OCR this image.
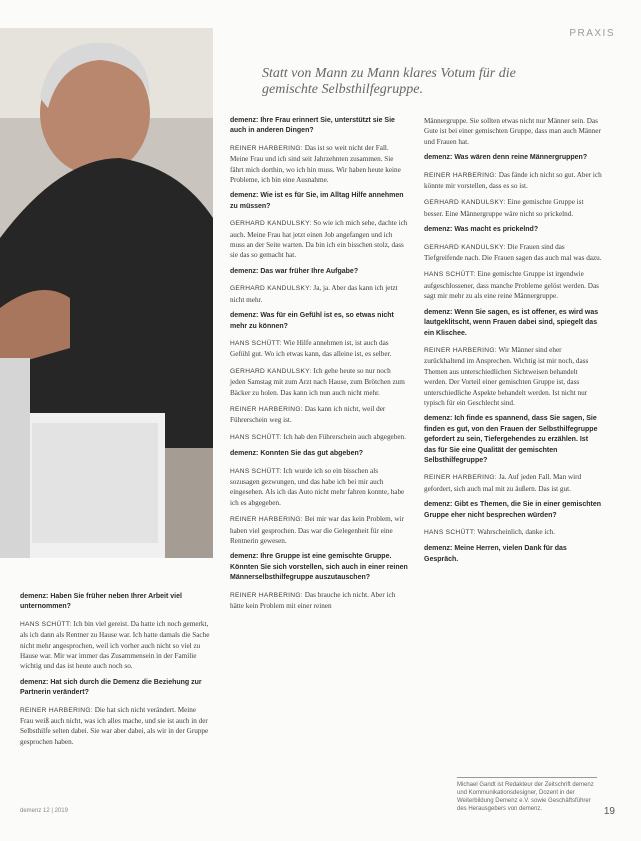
PRAXIS
Statt von Mann zu Mann klares Votum für die gemischte Selbsthilfegruppe.

demenz: Ihre Frau erinnert Sie, unterstützt sie Sie auch in anderen Dingen?

REINER HARBERING: Das ist so weit nicht der Fall. Meine Frau und ich sind seit Jahrzehnten zusammen. Sie fährt mich dorthin, wo ich hin muss. Wir haben heute keine Probleme, ich bin eine Ausnahme.

demenz: Wie ist es für Sie, im Alltag Hilfe annehmen zu müssen?

GERHARD KANDULSKY: So wie ich mich sehe, dachte ich auch. Meine Frau hat jetzt einen Job angefangen und ich muss an der Seite warten. Da bin ich ein bisschen stolz, dass sie das so gemacht hat.

demenz: Das war früher Ihre Aufgabe?

GERHARD KANDULSKY: Ja, ja. Aber das kann ich jetzt nicht mehr.

demenz: Was für ein Gefühl ist es, so etwas nicht mehr zu können?

HANS SCHÜTT: Wie Hilfe annehmen ist, ist auch das Gefühl gut. Wo ich etwas kann, das alleine ist, es selber.

GERHARD KANDULSKY: Ich gehe heute so nur noch jeden Samstag mit zum Arzt nach Hause, zum Brötchen zum Bäcker zu holen. Das kann ich nun auch nicht mehr.

REINER HARBERING: Das kann ich nicht, weil der Führerschein weg ist.

HANS SCHÜTT: Ich hab den Führerschein auch abgegeben.

demenz: Konnten Sie das gut abgeben?

HANS SCHÜTT: Ich wurde ich so ein bisschen als sozusagen gezwungen, und das habe ich bei mir auch eingesehen. Als ich das Auto nicht mehr fahren konnte, habe ich es abgegeben.

REINER HARBERING: Bei mir war das kein Problem, wir haben viel gesprochen. Das war die Gelegenheit für eine Rentnerin gewesen.

demenz: Ihre Gruppe ist eine gemischte Gruppe. Könnten Sie sich vorstellen, sich auch in einer reinen Männerselbsthilfegruppe auszutauschen?

REINER HARBERING: Das brauche ich nicht. Aber ich hätte kein Problem mit einer reinen

Männergruppe. Sie sollten etwas nicht nur Männer sein. Das Gute ist bei einer gemischten Gruppe, dass man auch Männer und Frauen hat.

demenz: Was wären denn reine Männergruppen?

REINER HARBERING: Das fände ich nicht so gut. Aber ich könnte mir vorstellen, dass es so ist.

GERHARD KANDULSKY: Eine gemischte Gruppe ist besser. Eine Männergruppe wäre nicht so prickelnd.

demenz: Was macht es prickelnd?

GERHARD KANDULSKY: Die Frauen sind das Tiefgreifende nach. Die Frauen sagen das auch mal was dazu.

HANS SCHÜTT: Eine gemischte Gruppe ist irgendwie aufgeschlossener, dass manche Probleme gelöst werden. Das sagt mir mehr zu als eine reine Männergruppe.

demenz: Wenn Sie sagen, es ist offener, es wird was lautgeklitscht, wenn Frauen dabei sind, spiegelt das ein Klischee.

REINER HARBERING: Wir Männer sind eher zurückhaltend im Ansprechen. Wichtig ist mir noch, dass Themen aus unterschiedlichen Sichtweisen behandelt werden. Der Vorteil einer gemischten Gruppe ist, dass unterschiedliche Aspekte behandelt werden. Ist nicht nur typisch für ein Geschlecht sind.

demenz: Ich finde es spannend, dass Sie sagen, Sie finden es gut, von den Frauen der Selbsthilfegruppe gefordert zu sein, Tiefergehendes zu erzählen. Ist das für Sie eine Qualität der gemischten Selbsthilfegruppe?

REINER HARBERING: Ja. Auf jeden Fall. Man wird gefordert, sich auch mal mit zu äußern. Das ist gut.

demenz: Gibt es Themen, die Sie in einer gemischten Gruppe eher nicht besprechen würden?

HANS SCHÜTT: Wahrscheinlich, danke ich.

demenz: Meine Herren, vielen Dank für das Gespräch.

demenz: Haben Sie früher neben Ihrer Arbeit viel unternommen?

HANS SCHÜTT: Ich bin viel gereist. Da hatte ich noch gemerkt, als ich dann als Rentner zu Hause war. Ich hatte damals die Sache nicht mehr angesprochen, weil ich vorher auch nicht so viel zu Hause war. Mir war immer das Zusammensein in der Familie wichtig und das ist heute auch noch so.

demenz: Hat sich durch die Demenz die Beziehung zur Partnerin verändert?

REINER HARBERING: Die hat sich nicht verändert. Meine Frau weiß auch nicht, was ich alles mache, und sie ist auch in der Selbsthilfe selten dabei. Sie war aber dabei, als wir in der Gruppe gesprochen haben.

Michael Gandt ist Redakteur der Zeitschrift demenz und Kommunikationsdesigner, Dozent in der Weiterbildung Demenz e.V. sowie Geschäftsführer des Herausgebers von demenz.
demenz 12 | 2019	19
